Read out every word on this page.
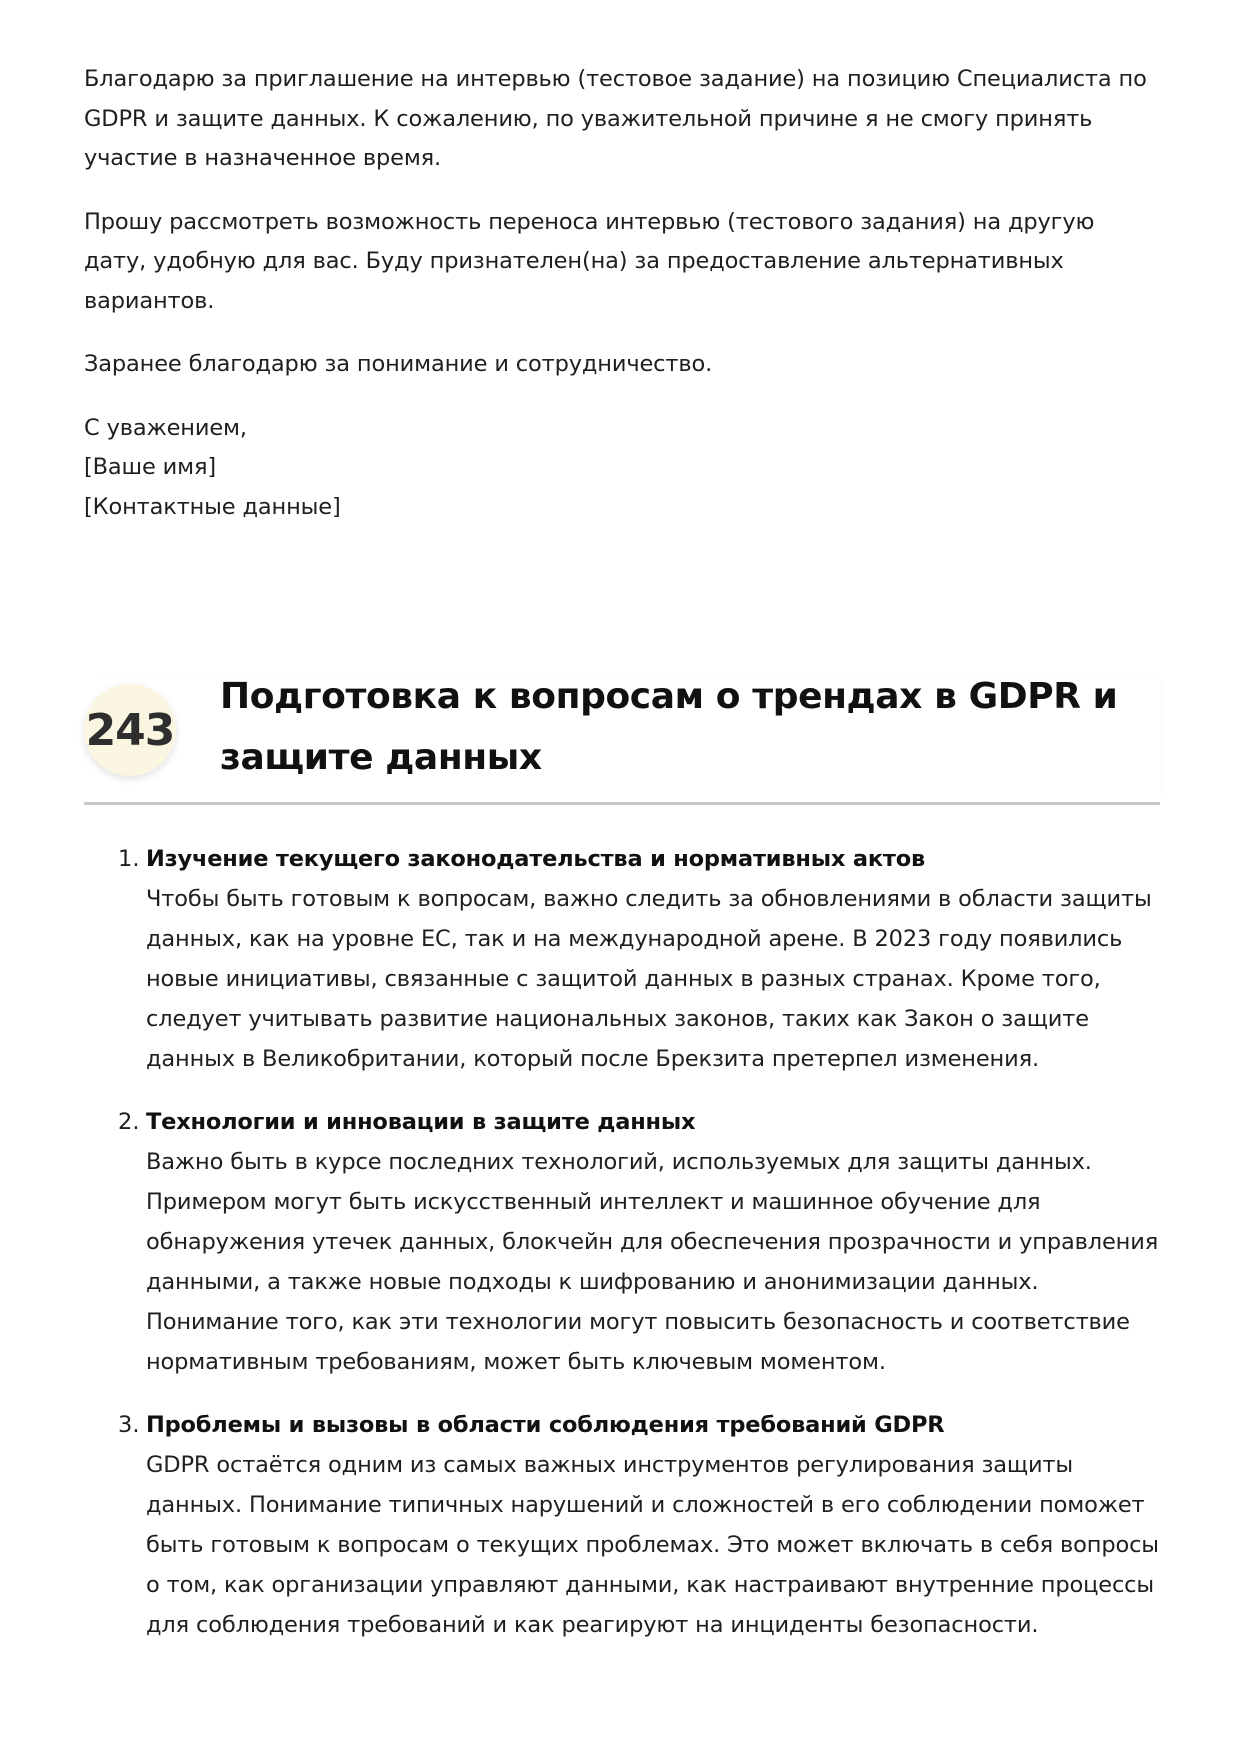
Благодарю за приглашение на интервью (тестовое задание) на позицию Специалиста по GDPR и защите данных. К сожалению, по уважительной причине я не смогу принять участие в назначенное время.

Прошу рассмотреть возможность переноса интервью (тестового задания) на другую дату, удобную для вас. Буду признателен(на) за предоставление альтернативных вариантов.

Заранее благодарю за понимание и сотрудничество.

С уважением,
[Ваше имя]
[Контактные данные]

243
Подготовка к вопросам о трендах в GDPR и защите данных
1. Изучение текущего законодательства и нормативных актов
Чтобы быть готовым к вопросам, важно следить за обновлениями в области защиты данных, как на уровне ЕС, так и на международной арене. В 2023 году появились новые инициативы, связанные с защитой данных в разных странах. Кроме того, следует учитывать развитие национальных законов, таких как Закон о защите данных в Великобритании, который после Брекзита претерпел изменения.
2. Технологии и инновации в защите данных
Важно быть в курсе последних технологий, используемых для защиты данных. Примером могут быть искусственный интеллект и машинное обучение для обнаружения утечек данных, блокчейн для обеспечения прозрачности и управления данными, а также новые подходы к шифрованию и анонимизации данных. Понимание того, как эти технологии могут повысить безопасность и соответствие нормативным требованиям, может быть ключевым моментом.
3. Проблемы и вызовы в области соблюдения требований GDPR
GDPR остаётся одним из самых важных инструментов регулирования защиты данных. Понимание типичных нарушений и сложностей в его соблюдении поможет быть готовым к вопросам о текущих проблемах. Это может включать в себя вопросы о том, как организации управляют данными, как настраивают внутренние процессы для соблюдения требований и как реагируют на инциденты безопасности.
